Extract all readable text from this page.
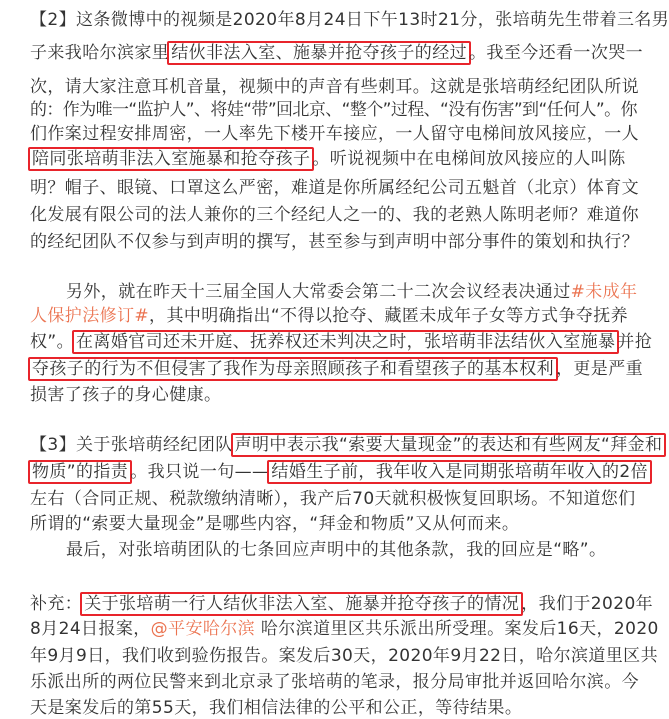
【2】这条微博中的视频是2020年8月24日下午13时21分，张培萌先生带着三名男
子来我哈尔滨家里 结伙非法入室、施暴并抢夺孩子的经过 。我至今还看一次哭一
次，请大家注意耳机音量，视频中的声音有些刺耳。这就是张培萌经纪团队所说
的：作为唯一“监护人”、将娃“带”回北京、“整个”过程、“没有伤害”到“任何人”。你
们作案过程安排周密，一人率先下楼开车接应，一人留守电梯间放风接应，一人
陪同张培萌非法入室施暴和抢夺孩子 。听说视频中在电梯间放风接应的人叫陈
明？帽子、眼镜、口罩这么严密，难道是你所属经纪公司五魁首（北京）体育文
化发展有限公司的法人兼你的三个经纪人之一的、我的老熟人陈明老师？难道你
的经纪团队不仅参与到声明的撰写，甚至参与到声明中部分事件的策划和执行？
另外，就在昨天十三届全国人大常委会第二十二次会议经表决通过#未成年
人保护法修订#，其中明确指出“不得以抢夺、藏匿未成年子女等方式争夺抚养
权”。 在离婚官司还未开庭、抚养权还未判决之时，张培萌非法结伙入室施暴 并抢
夺孩子的行为不但侵害了我作为母亲照顾孩子和看望孩子的基本权利 ，更是严重
损害了孩子的身心健康。
【3】关于张培萌经纪团队 声明中表示我“索要大量现金”的表达和有些网友“拜金和
物质”的指责 。我只说一句—— 结婚生子前，我年收入是同期张培萌年收入的2倍
左右（合同正规、税款缴纳清晰），我产后70天就积极恢复回职场。不知道您们
所谓的“索要大量现金”是哪些内容，“拜金和物质”又从何而来。
最后，对张培萌团队的七条回应声明中的其他条款，我的回应是“略”。
补充： 关于张培萌一行人结伙非法入室、施暴并抢夺孩子的情况 ，我们于2020年
8月24日报案，@平安哈尔滨 哈尔滨道里区共乐派出所受理。案发后16天，2020
年9月9日，我们收到验伤报告。案发后30天，2020年9月22日，哈尔滨道里区共
乐派出所的两位民警来到北京录了张培萌的笔录，报分局审批并返回哈尔滨。今
天是案发后的第55天，我们相信法律的公平和公正，等待结果。
